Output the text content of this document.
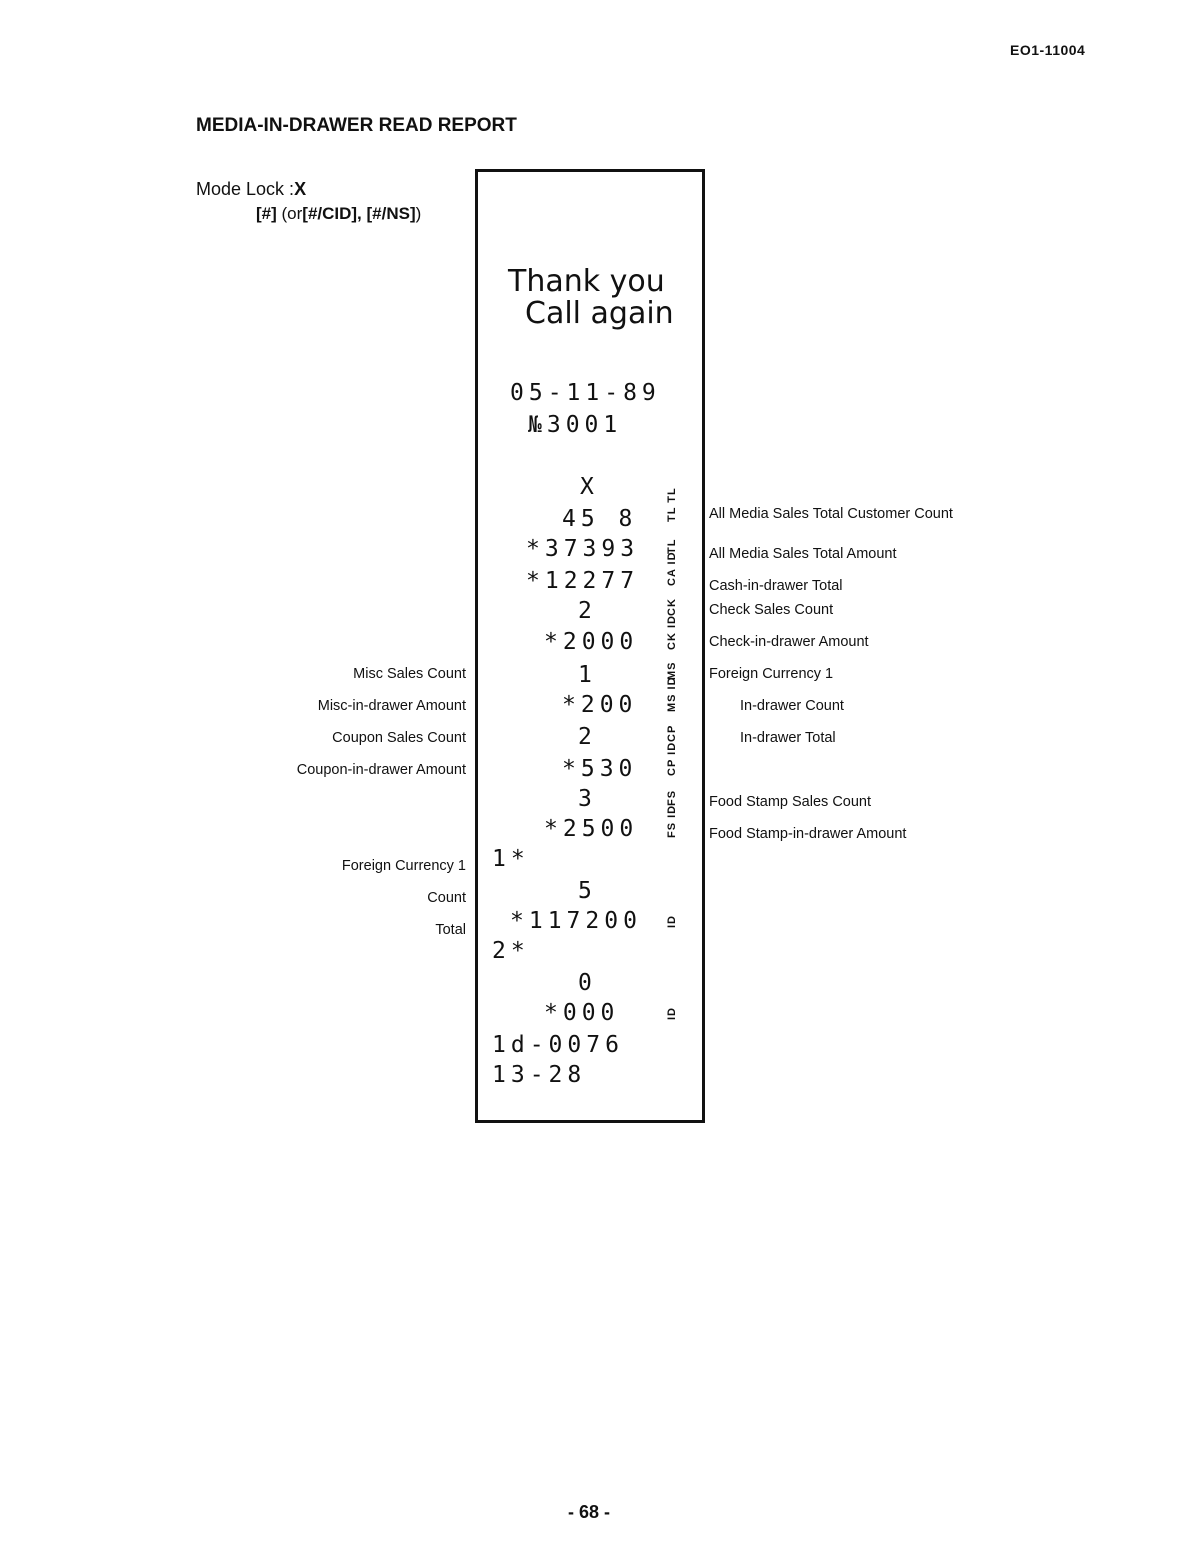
EO1-11004
MEDIA-IN-DRAWER READ REPORT
Mode Lock :X
[#] (or[#/CID], [#/NS])
Thank you
Call again
05-11-89
№3001
X
45 8	TL TL
*37393 TL
*12277 CA ID
2	CK
*2000	CK ID
1	MS
*200	MS ID
2	CP
*530	CP ID
3	FS
*2500	FS ID
1*
5
*117200 ID
2*
0
*000	ID
1d-0076
13-28
Misc Sales Count
Misc-in-drawer Amount
Coupon Sales Count
Coupon-in-drawer Amount
Foreign Currency 1
Count
Total
All Media Sales Total Customer Count
All Media Sales Total Amount
Cash-in-drawer Total
Check Sales Count
Check-in-drawer Amount
Foreign Currency 1
In-drawer Count
In-drawer Total
Food Stamp Sales Count
Food Stamp-in-drawer Amount
- 68 -
